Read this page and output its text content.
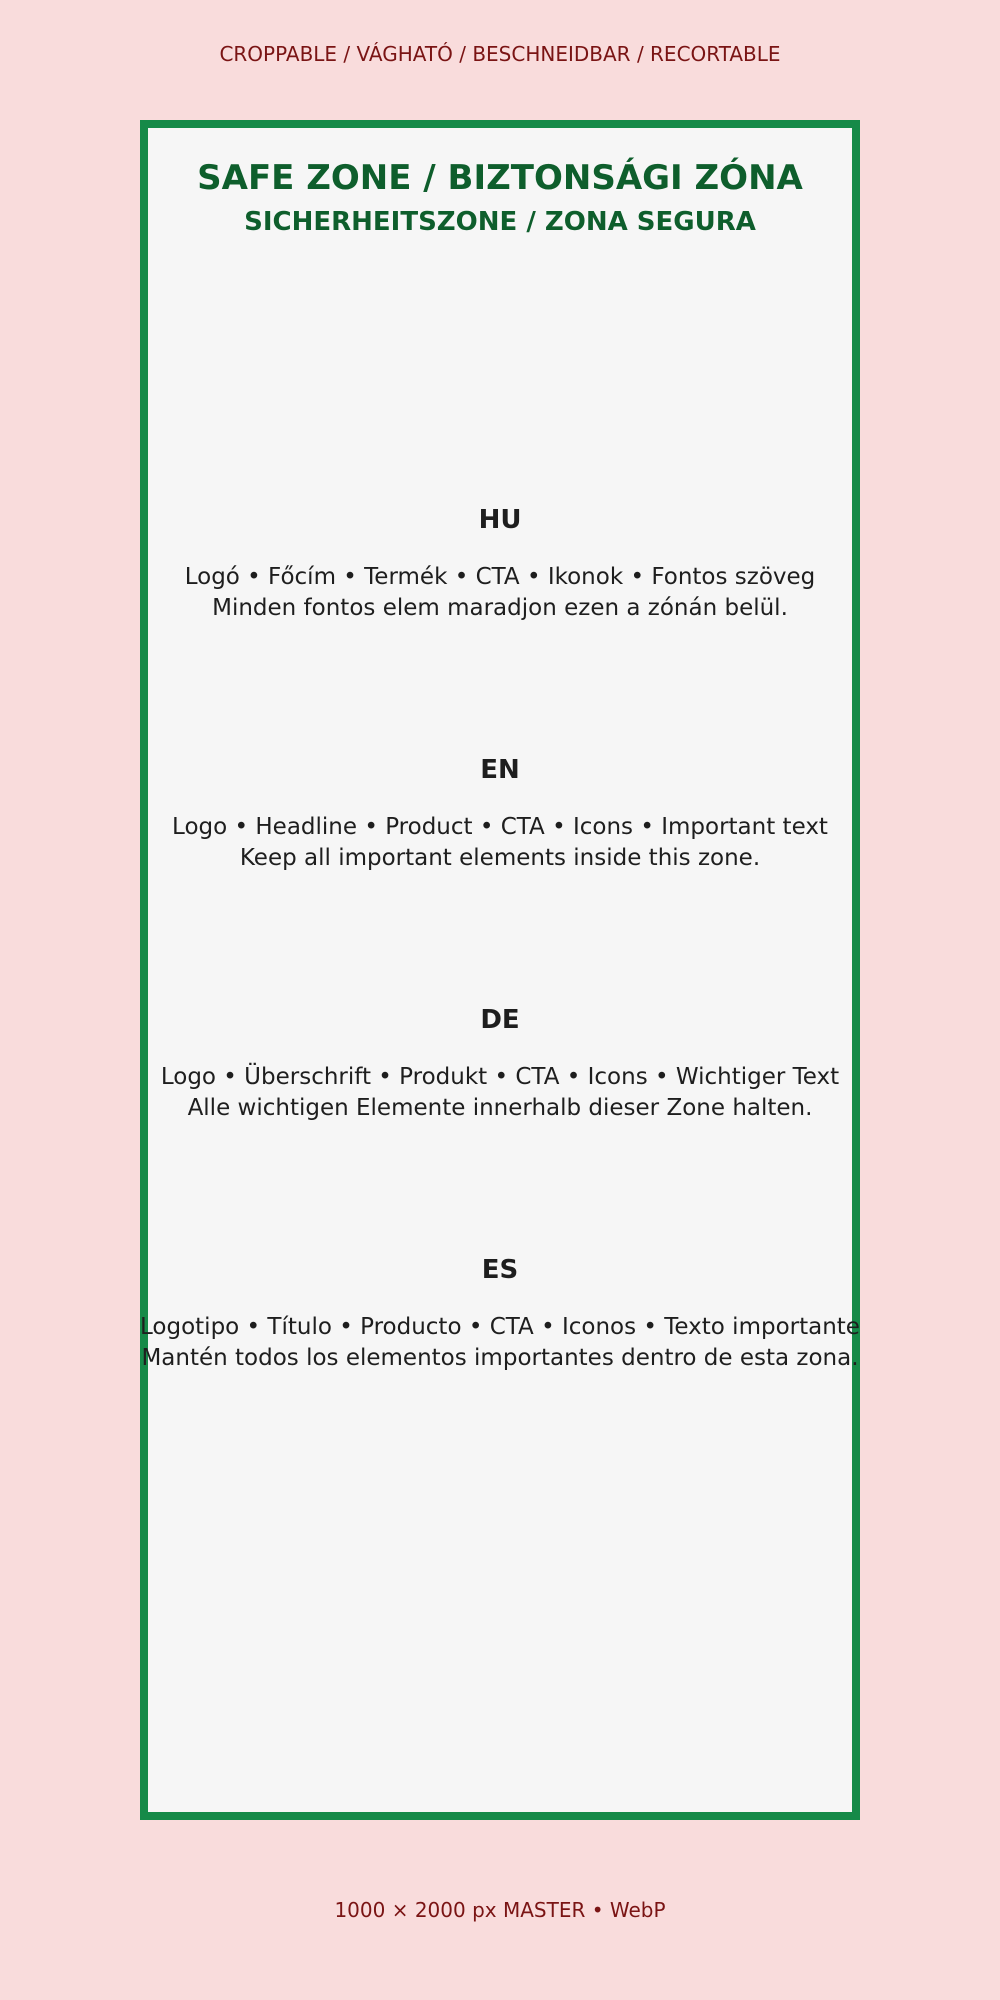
CROPPABLE / VÁGHATÓ / BESCHNEIDBAR / RECORTABLE
SAFE ZONE / BIZTONSÁGI ZÓNA
SICHERHEITSZONE / ZONA SEGURA
HU
Logó • Főcím • Termék • CTA • Ikonok • Fontos szöveg
Minden fontos elem maradjon ezen a zónán belül.
EN
Logo • Headline • Product • CTA • Icons • Important text
Keep all important elements inside this zone.
DE
Logo • Überschrift • Produkt • CTA • Icons • Wichtiger Text
Alle wichtigen Elemente innerhalb dieser Zone halten.
ES
Logotipo • Título • Producto • CTA • Iconos • Texto importante
Mantén todos los elementos importantes dentro de esta zona.
1000 × 2000 px MASTER • WebP
